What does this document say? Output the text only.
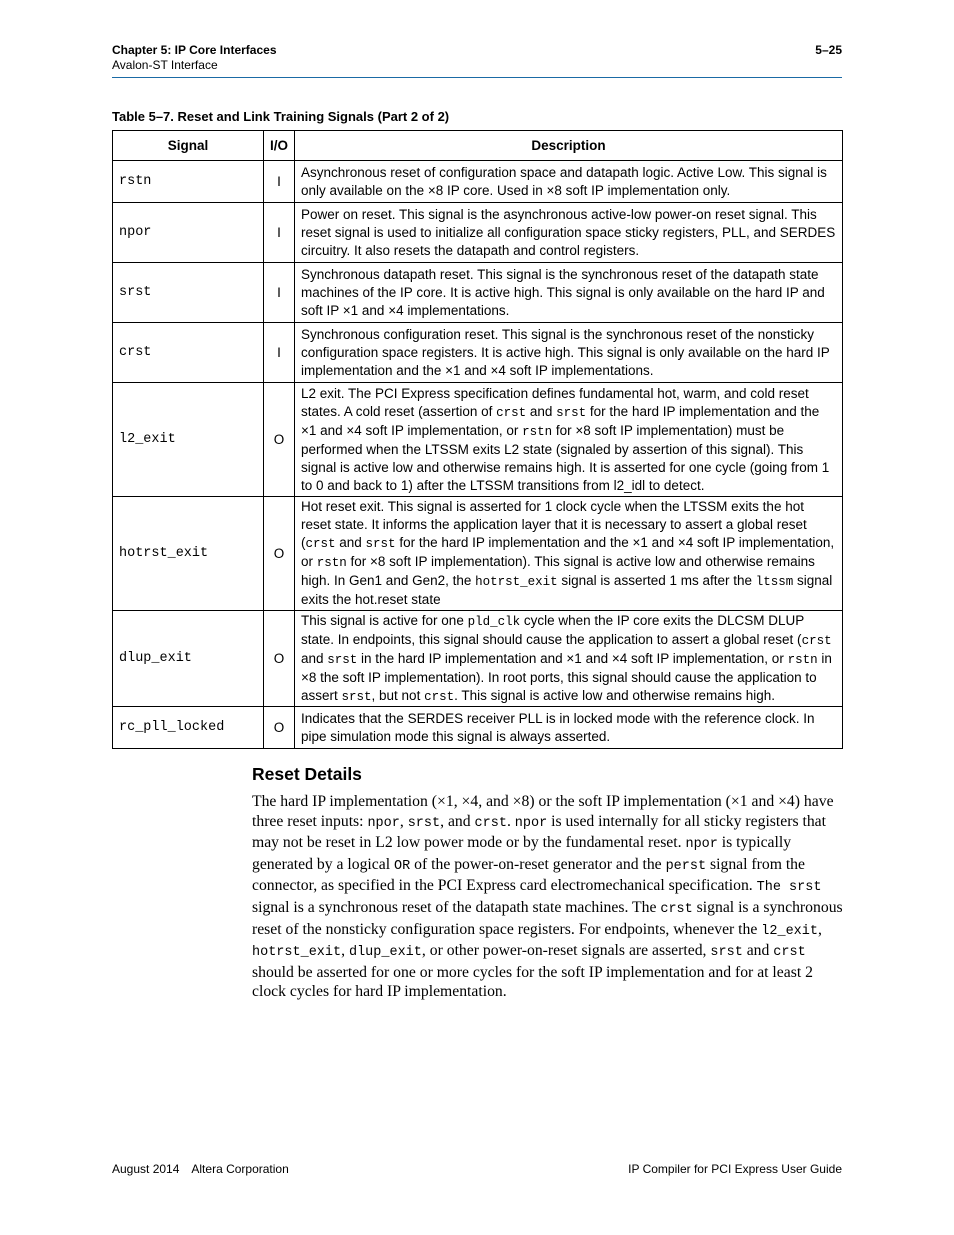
Chapter 5: IP Core Interfaces
Avalon-ST Interface
5–25
Table 5–7. Reset and Link Training Signals (Part 2 of 2)
Signal	I/O	Description
rstn	I	Asynchronous reset of configuration space and datapath logic. Active Low. This signal is only available on the ×8 IP core. Used in ×8 soft IP implementation only.
npor	I	Power on reset. This signal is the asynchronous active-low power-on reset signal. This reset signal is used to initialize all configuration space sticky registers, PLL, and SERDES circuitry. It also resets the datapath and control registers.
srst	I	Synchronous datapath reset. This signal is the synchronous reset of the datapath state machines of the IP core. It is active high. This signal is only available on the hard IP and soft IP ×1 and ×4 implementations.
crst	I	Synchronous configuration reset. This signal is the synchronous reset of the nonsticky configuration space registers. It is active high. This signal is only available on the hard IP implementation and the ×1 and ×4 soft IP implementations.
l2_exit	O	L2 exit. The PCI Express specification defines fundamental hot, warm, and cold reset states. A cold reset (assertion of crst and srst for the hard IP implementation and the ×1 and ×4 soft IP implementation, or rstn for ×8 soft IP implementation) must be performed when the LTSSM exits L2 state (signaled by assertion of this signal). This signal is active low and otherwise remains high. It is asserted for one cycle (going from 1 to 0 and back to 1) after the LTSSM transitions from l2_idl to detect.
hotrst_exit	O	Hot reset exit. This signal is asserted for 1 clock cycle when the LTSSM exits the hot reset state. It informs the application layer that it is necessary to assert a global reset (crst and srst for the hard IP implementation and the ×1 and ×4 soft IP implementation, or rstn for ×8 soft IP implementation). This signal is active low and otherwise remains high. In Gen1 and Gen2, the hotrst_exit signal is asserted 1 ms after the ltssm signal exits the hot.reset state
dlup_exit	O	This signal is active for one pld_clk cycle when the IP core exits the DLCSM DLUP state. In endpoints, this signal should cause the application to assert a global reset (crst and srst in the hard IP implementation and ×1 and ×4 soft IP implementation, or rstn in ×8 the soft IP implementation). In root ports, this signal should cause the application to assert srst, but not crst. This signal is active low and otherwise remains high.
rc_pll_locked	O	Indicates that the SERDES receiver PLL is in locked mode with the reference clock. In pipe simulation mode this signal is always asserted.
Reset Details
The hard IP implementation (×1, ×4, and ×8) or the soft IP implementation (×1 and ×4) have three reset inputs: npor, srst, and crst. npor is used internally for all sticky registers that may not be reset in L2 low power mode or by the fundamental reset. npor is typically generated by a logical OR of the power-on-reset generator and the perst signal from the connector, as specified in the PCI Express card electromechanical specification. The srst signal is a synchronous reset of the datapath state machines. The crst signal is a synchronous reset of the nonsticky configuration space registers. For endpoints, whenever the l2_exit, hotrst_exit, dlup_exit, or other power-on-reset signals are asserted, srst and crst should be asserted for one or more cycles for the soft IP implementation and for at least 2 clock cycles for hard IP implementation.
August 2014 Altera Corporation	IP Compiler for PCI Express User Guide
